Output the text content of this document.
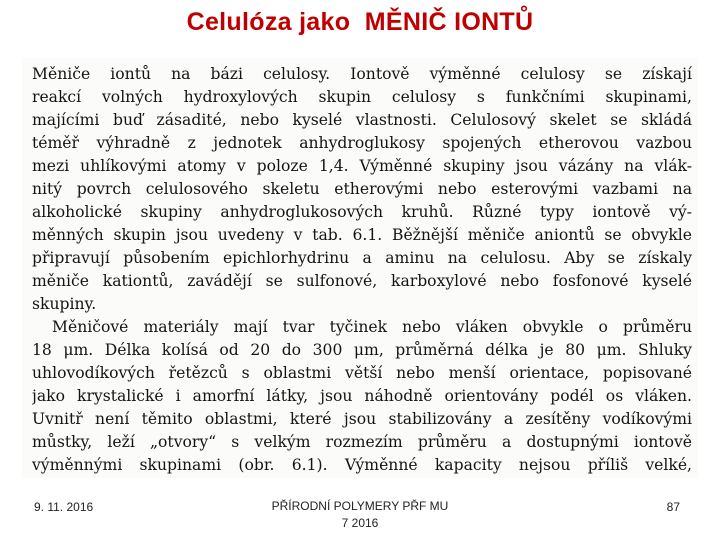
Celulóza jako  MĚNIČ IONTŮ
Měniče iontů na bázi celulosy. Iontově výměnné celulosy se získají
reakcí volných hydroxylových skupin celulosy s funkčními skupinami,
majícími buď zásadité, nebo kyselé vlastnosti. Celulosový skelet se skládá
téměř výhradně z jednotek anhydroglukosy spojených etherovou vazbou
mezi uhlíkovými atomy v poloze 1,4. Výměnné skupiny jsou vázány na vlák-
nitý povrch celulosového skeletu etherovými nebo esterovými vazbami na
alkoholické skupiny anhydroglukosových kruhů. Různé typy iontově vý-
měnných skupin jsou uvedeny v tab. 6.1. Běžnější měniče aniontů se obvykle
připravují působením epichlorhydrinu a aminu na celulosu. Aby se získaly
měniče kationtů, zavádějí se sulfonové, karboxylové nebo fosfonové kyselé
skupiny.
Měničové materiály mají tvar tyčinek nebo vláken obvykle o průměru
18 μm. Délka kolísá od 20 do 300 μm, průměrná délka je 80 μm. Shluky
uhlovodíkových řetězců s oblastmi větší nebo menší orientace, popisované
jako krystalické i amorfní látky, jsou náhodně orientovány podél os vláken.
Uvnitř není těmito oblastmi, které jsou stabilizovány a zesítěny vodíkovými
můstky, leží „otvory“ s velkým rozmezím průměru a dostupnými iontově
výměnnými skupinami (obr. 6.1). Výměnné kapacity nejsou příliš velké,
9. 11. 2016	PŘÍRODNÍ POLYMERY PŘF MU
7 2016
87
